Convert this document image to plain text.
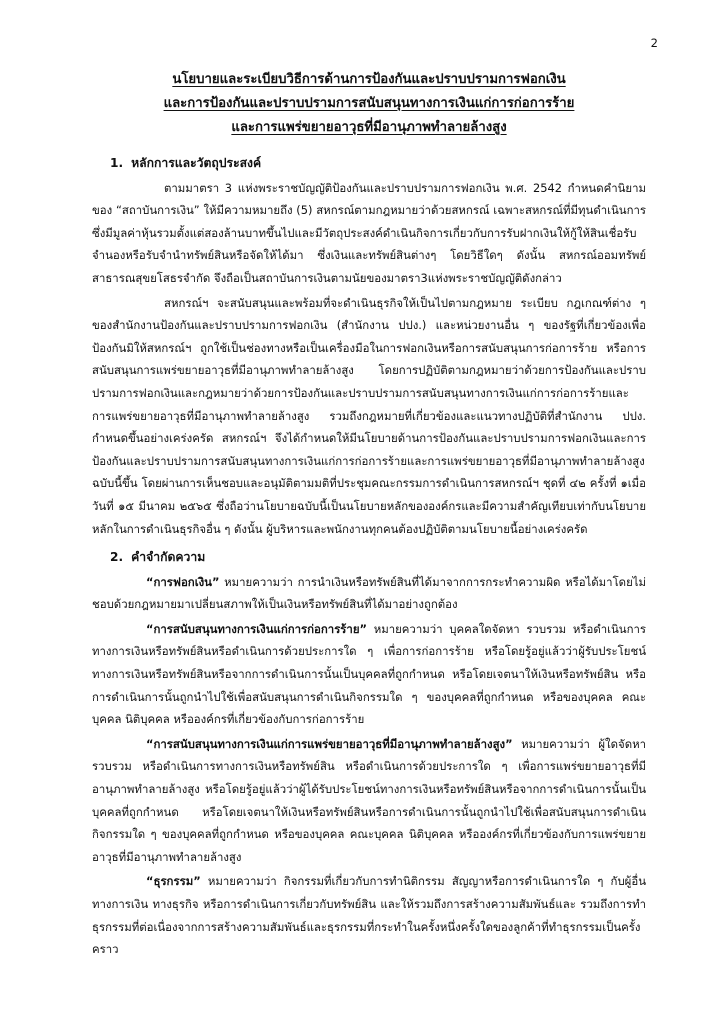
2
นโยบายและระเบียบวิธีการด้านการป้องกันและปราบปรามการฟอกเงิน
และการป้องกันและปราบปรามการสนับสนุนทางการเงินแก่การก่อการร้าย
และการแพร่ขยายอาวุธที่มีอานุภาพทำลายล้างสูง
1. หลักการและวัตถุประสงค์

ตามมาตรา 3 แห่งพระราชบัญญัติป้องกันและปราบปรามการฟอกเงิน พ.ศ. 2542 กำหนดคำนิยามของ “สถาบันการเงิน” ให้มีความหมายถึง (5) สหกรณ์ตามกฎหมายว่าด้วยสหกรณ์ เฉพาะสหกรณ์ที่มีทุนดำเนินการซึ่งมีมูลค่าหุ้นรวมตั้งแต่สองล้านบาทขึ้นไปและมีวัตถุประสงค์ดำเนินกิจการเกี่ยวกับการรับฝากเงินให้กู้ให้สินเชื่อรับจำนองหรือรับจำนำทรัพย์สินหรือจัดให้ได้มา ซึ่งเงินและทรัพย์สินต่างๆ โดยวิธีใดๆ ดังนั้น สหกรณ์ออมทรัพย์สาธารณสุขยโสธรจำกัด จึงถือเป็นสถาบันการเงินตามนัยของมาตรา3แห่งพระราชบัญญัติดังกล่าว

สหกรณ์ฯ จะสนับสนุนและพร้อมที่จะดำเนินธุรกิจให้เป็นไปตามกฎหมาย ระเบียบ กฎเกณฑ์ต่าง ๆ ของสำนักงานป้องกันและปราบปรามการฟอกเงิน (สำนักงาน ปปง.) และหน่วยงานอื่น ๆ ของรัฐที่เกี่ยวข้องเพื่อป้องกันมิให้สหกรณ์ฯ ถูกใช้เป็นช่องทางหรือเป็นเครื่องมือในการฟอกเงินหรือการสนับสนุนการก่อการร้าย หรือการสนับสนุนการแพร่ขยายอาวุธที่มีอานุภาพทำลายล้างสูง โดยการปฏิบัติตามกฎหมายว่าด้วยการป้องกันและปราบปรามการฟอกเงินและกฎหมายว่าด้วยการป้องกันและปราบปรามการสนับสนุนทางการเงินแก่การก่อการร้ายและการแพร่ขยายอาวุธที่มีอานุภาพทำลายล้างสูง รวมถึงกฎหมายที่เกี่ยวข้องและแนวทางปฏิบัติที่สำนักงาน ปปง. กำหนดขึ้นอย่างเคร่งครัด สหกรณ์ฯ จึงได้กำหนดให้มีนโยบายด้านการป้องกันและปราบปรามการฟอกเงินและการป้องกันและปราบปรามการสนับสนุนทางการเงินแก่การก่อการร้ายและการแพร่ขยายอาวุธที่มีอานุภาพทำลายล้างสูง ฉบับนี้ขึ้น โดยผ่านการเห็นชอบและอนุมัติตามมติที่ประชุมคณะกรรมการดำเนินการสหกรณ์ฯ ชุดที่ ๔๒ ครั้งที่ ๑เมื่อวันที่ ๑๕ มีนาคม ๒๕๖๕ ซึ่งถือว่านโยบายฉบับนี้เป็นนโยบายหลักขององค์กรและมีความสำคัญเทียบเท่ากับนโยบายหลักในการดำเนินธุรกิจอื่น ๆ ดังนั้น ผู้บริหารและพนักงานทุกคนต้องปฏิบัติตามนโยบายนี้อย่างเคร่งครัด

2. คำจำกัดความ

“การฟอกเงิน” หมายความว่า การนำเงินหรือทรัพย์สินที่ได้มาจากการกระทำความผิด หรือได้มาโดยไม่ชอบด้วยกฎหมายมาเปลี่ยนสภาพให้เป็นเงินหรือทรัพย์สินที่ได้มาอย่างถูกต้อง

“การสนับสนุนทางการเงินแก่การก่อการร้าย” หมายความว่า บุคคลใดจัดหา รวบรวม หรือดำเนินการทางการเงินหรือทรัพย์สินหรือดำเนินการด้วยประการใด ๆ เพื่อการก่อการร้าย หรือโดยรู้อยู่แล้วว่าผู้รับประโยชน์ทางการเงินหรือทรัพย์สินหรือจากการดำเนินการนั้นเป็นบุคคลที่ถูกกำหนด หรือโดยเจตนาให้เงินหรือทรัพย์สิน หรือการดำเนินการนั้นถูกนำไปใช้เพื่อสนับสนุนการดำเนินกิจกรรมใด ๆ ของบุคคลที่ถูกกำหนด หรือของบุคคล คณะบุคคล นิติบุคคล หรือองค์กรที่เกี่ยวข้องกับการก่อการร้าย

“การสนับสนุนทางการเงินแก่การแพร่ขยายอาวุธที่มีอานุภาพทำลายล้างสูง” หมายความว่า ผู้ใดจัดหา รวบรวม หรือดำเนินการทางการเงินหรือทรัพย์สิน หรือดำเนินการด้วยประการใด ๆ เพื่อการแพร่ขยายอาวุธที่มีอานุภาพทำลายล้างสูง หรือโดยรู้อยู่แล้วว่าผู้ได้รับประโยชน์ทางการเงินหรือทรัพย์สินหรือจากการดำเนินการนั้นเป็นบุคคลที่ถูกกำหนด หรือโดยเจตนาให้เงินหรือทรัพย์สินหรือการดำเนินการนั้นถูกนำไปใช้เพื่อสนับสนุนการดำเนินกิจกรรมใด ๆ ของบุคคลที่ถูกกำหนด หรือของบุคคล คณะบุคคล นิติบุคคล หรือองค์กรที่เกี่ยวข้องกับการแพร่ขยายอาวุธที่มีอานุภาพทำลายล้างสูง

“ธุรกรรม” หมายความว่า กิจกรรมที่เกี่ยวกับการทำนิติกรรม สัญญาหรือการดำเนินการใด ๆ กับผู้อื่นทางการเงิน ทางธุรกิจ หรือการดำเนินการเกี่ยวกับทรัพย์สิน และให้รวมถึงการสร้างความสัมพันธ์และ รวมถึงการทำธุรกรรมที่ต่อเนื่องจากการสร้างความสัมพันธ์และธุรกรรมที่กระทำในครั้งหนึ่งครั้งใดของลูกค้าที่ทำธุรกรรมเป็นครั้งคราว
